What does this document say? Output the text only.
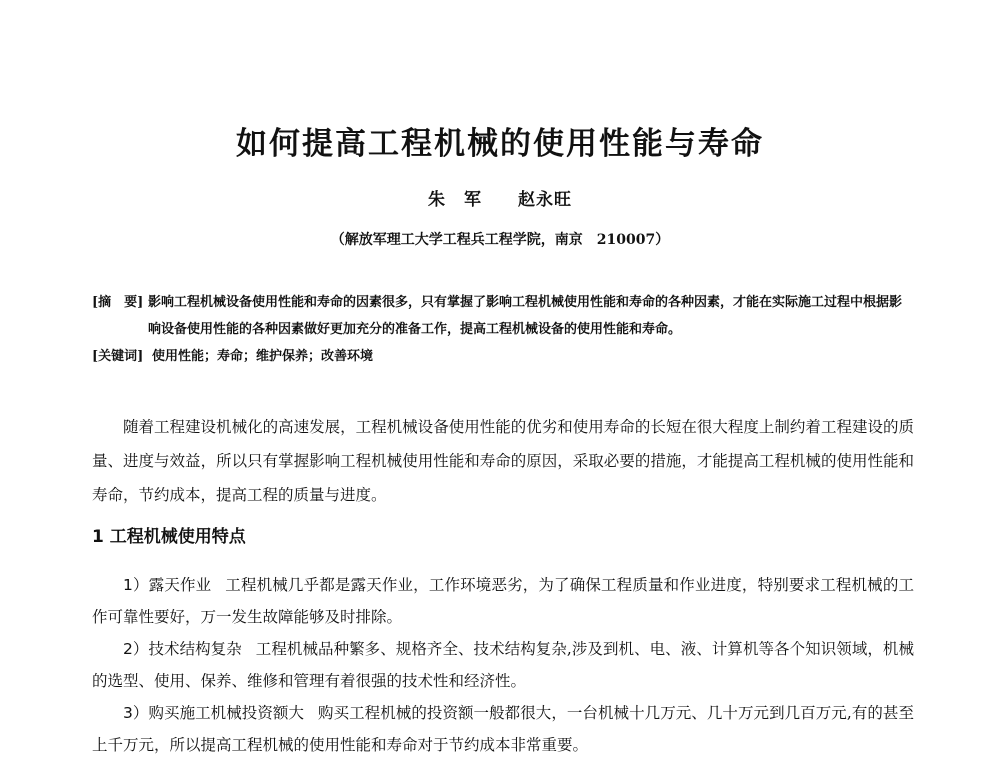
如何提高工程机械的使用性能与寿命
朱　军 赵永旺
（解放军理工大学工程兵工程学院，南京　210007）
[摘　要] 影响工程机械设备使用性能和寿命的因素很多，只有掌握了影响工程机械使用性能和寿命的各种因素，才能在实际施工过程中根据影响设备使用性能的各种因素做好更加充分的准备工作，提高工程机械设备的使用性能和寿命。
[关键词] 使用性能；寿命；维护保养；改善环境

随着工程建设机械化的高速发展，工程机械设备使用性能的优劣和使用寿命的长短在很大程度上制约着工程建设的质量、进度与效益，所以只有掌握影响工程机械使用性能和寿命的原因，采取必要的措施，才能提高工程机械的使用性能和寿命，节约成本，提高工程的质量与进度。

1 工程机械使用特点

1）露天作业 工程机械几乎都是露天作业，工作环境恶劣，为了确保工程质量和作业进度，特别要求工程机械的工作可靠性要好，万一发生故障能够及时排除。

2）技术结构复杂 工程机械品种繁多、规格齐全、技术结构复杂,涉及到机、电、液、计算机等各个知识领域，机械的选型、使用、保养、维修和管理有着很强的技术性和经济性。

3）购买施工机械投资额大 购买工程机械的投资额一般都很大，一台机械十几万元、几十万元到几百万元,有的甚至上千万元，所以提高工程机械的使用性能和寿命对于节约成本非常重要。
